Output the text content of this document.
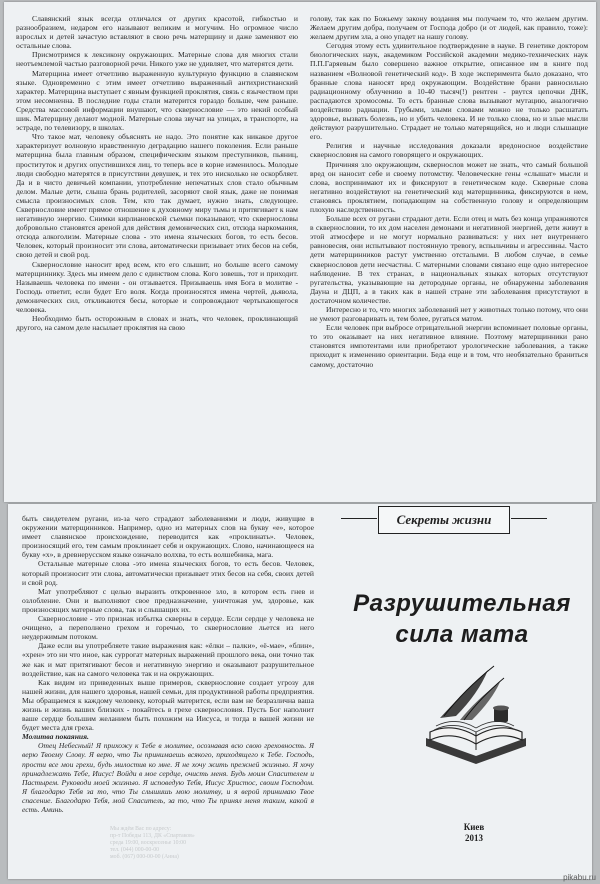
Славянский язык всегда отличался от других красотой, гибкостью и разнообразием, недаром его называют великим и могучим. Но огромное число взрослых и детей зачастую вставляют в свою речь матерщину и даже заменяют ею остальные слова.

Присмотримся к лексикону окружающих. Матерные слова для многих стали неотъемлемой частью разговорной речи. Никого уже не удивляет, что матерятся дети.

Матерщина имеет отчетливо выраженную культурную функцию в славянском языке. Одновременно с этим имеет отчетливо выраженный антихристианский характер. Матерщина выступает с явным функцией проклятия, связь с язычеством при этом несомненна. В последние годы стали матерится гораздо больше, чем раньше. Средства массовой информации внушают, что сквернословие — это некий особый шик. Матерщину делают модной. Матерные слова звучат на улицах, в транспорте, на эстраде, по телевизору, в школах.

Что такое мат, человеку объяснять не надо. Это понятие как никакое другое характеризует волновую нравственную деградацию нашего поколения. Если раньше матерщина была главным образом, специфическим языком преступников, пьяниц, проституток и других опустившихся лиц, то теперь все в корне изменилось. Молодые люди свободно матерятся в присутствии девушек, и тех это нисколько не оскорбляет. Да и в чисто девичьей компании, употребление непечатных слов стало обычным делом. Малые дети, слыша брань родителей, засоряют свой язык, даже не понимая смысла произносимых слов. Тем, кто так думает, нужно знать, следующее. Сквернословие имеет прямое отношение к духовному миру тьмы и притягивает к нам негативную энергию. Снимки кирлиановской съемки показывают, что сквернословы добровольно становятся ареной для действия демонических сил, отсюда наркомания, отсюда алкоголизм. Матерные слова - это имена языческих богов, то есть бесов. Человек, который произносит эти слова, автоматически призывает этих бесов на себя, свою детей и свой род.

Сквернословие наносит вред всем, кто его слышит, но больше всего самому матерщиннику. Здесь мы имеем дело с единством слова. Кого зовешь, тот и приходит. Называешь человека по имени - он отзывается. Призываешь имя Бога в молитве - Господь ответит, если будет Его воля. Когда произносятся имена чертей, дьявола, демонических сил, откликаются бесы, которые и сопровождают чертыхающегося человека.

Необходимо быть осторожным в словах и знать, что человек, проклинающий другого, на самом деле насылает проклятия на свою

голову, так как по Божьему закону воздания мы получаем то, что желаем другим. Желаем другим добра, получаем от Господа добро (и от людей, как правило, тоже): желаем другим зла, а оно упадет на нашу голову.

Сегодня этому есть удивительное подтверждение в науке. В генетике доктором биологических наук, академиком Российской академии медико-технических наук П.П.Гаряевым было совершено важное открытие, описанное им в книге под названием «Волновой генетический код». В ходе эксперимента было доказано, что бранные слова наносят вред окружающим. Воздействие брани равносильно радиационному облучению в 10-40 тысяч(!) рентген - рвутся цепочки ДНК, распадаются хромосомы. То есть бранные слова вызывают мутацию, аналогично воздействию радиации. Грубыми, злыми словами можно не только расшатать здоровье, вызвать болезнь, но и убить человека. И не только слова, но и злые мысли действуют разрушительно. Страдает не только матерящийся, но и люди слышащие его.

Религия и научные исследования доказали вредоносное воздействие сквернословия на самого говорящего и окружающих.

Причиняя зло окружающим, сквернослов может не знать, что самый большой вред он наносит себе и своему потомству. Человеческие гены «слышат» мысли и слова, воспринимают их и фиксируют в генетическом коде. Скверные слова негативно воздействуют на генетический код матерщинника, фиксируются в нем, становясь проклятием, попадающим на собственную голову и определяющим плохую наследственность.

Больше всех от ругани страдают дети. Если отец и мать без конца упражняются в сквернословии, то их дом населен демонами и негативной энергией, дети живут в этой атмосфере и не могут нормально развиваться: у них нет внутреннего равновесия, они испытывают постоянную тревогу, вспыльчивы и агрессивны. Часто дети матерщинников растут умственно отсталыми. В любом случае, в семье сквернословов дети несчастны. С матерными словами связано еще одно интересное наблюдение. В тех странах, в национальных языках которых отсутствуют ругательства, указывающие на детородные органы, не обнаружены заболевания Дауна и ДЦП, а в таких как в нашей стране эти заболевания присутствуют в достаточном количестве.

Интересно и то, что многих заболеваний нет у животных только потому, что они не умеют разговаривать и, тем более, ругаться матом.

Если человек при выбросе отрицательной энергии вспоминает половые органы, то это оказывает на них негативное влияние. Поэтому матерщинники рано становятся импотентами или приобретают урологические заболевания, а также приходит к изменению ориентации. Беда еще и в том, что необязательно браниться самому, достаточно

быть свидетелем ругани, из-за чего страдают заболеваниями и люди, живущие в окружении матерщинников. Например, одно из матерных слов на букву «е», которое имеет славянское происхождение, переводится как «проклинать». Человек, произносящий его, тем самым проклинает себя и окружающих. Слово, начинающееся на букву «х», в древнерусском языке означало волхва, то есть волшебника, мага.

Остальные матерные слова -это имена языческих богов, то есть бесов. Человек, который произносит эти слова, автоматически призывает этих бесов на себя, своих детей и свой род.

Мат употребляют с целью выразить откровенное зло, в котором есть гнев и озлобление. Они и выполняют свое предназначение, уничтожая ум, здоровье, как произносящих матерные слова, так и слышащих их.

Сквернословие - это признак избытка скверны в сердце. Если сердце у человека не очищено, а переполнено грехом и горечью, то сквернословие льется из него неудержимым потоком.

Даже если вы употребляете такие выражения как: «ёлки – палки», «ё-мае», «блин», «хрен» это ни что иное, как суррогат матерных выражений прошлого века, они точно так же как и мат притягивают бесов и негативную энергию и оказывают разрушительное воздействие, как на самого человека так и на окружающих.

Как видим из приведенных выше примеров, сквернословие создает угрозу для нашей жизни, для нашего здоровья, нашей семьи, для продуктивной работы предприятия. Мы обращаемся к каждому человеку, который матерится, если вам не безразлична ваша жизнь и жизнь ваших близких - покайтесь в грехе сквернословия. Пусть Бог наполнит ваше сердце большим желанием быть похожим на Иисуса, и тогда в вашей жизни не будет места для греха.

Молитва покаяния.

Отец Небесный! Я прихожу к Тебе в молитве, осознавая всю свою греховность. Я верю Твоему Слову. Я верю, что Ты принимаешь всякого, приходящего к Тебе. Господь, прости все мои грехи, будь милостив ко мне. Я не хочу жить прежней жизнью. Я хочу принадлежать Тебе, Иисус! Войди в мое сердце, очисть меня. Будь моим Спасителем и Пастырем. Руководи моей жизнью. Я исповедую Тебя, Иисус Христос, своим Господом. Я благодарю Тебя за то, что Ты слышишь мою молитву, и я верой принимаю Твое спасение. Благодарю Тебя, мой Спаситель, за то, что Ты принял меня таким, какой я есть. Аминь.

Секреты жизни
Разрушительная сила мата
Киев
2013
Мы ждём Вас по адресу:
пр-т Победы 113, ДК «Спартаков»
среда 19:00, воскресенье 10:00
тел. (044) 000-00-00
моб. (067) 000-00-00 (Анна)
pikabu.ru
